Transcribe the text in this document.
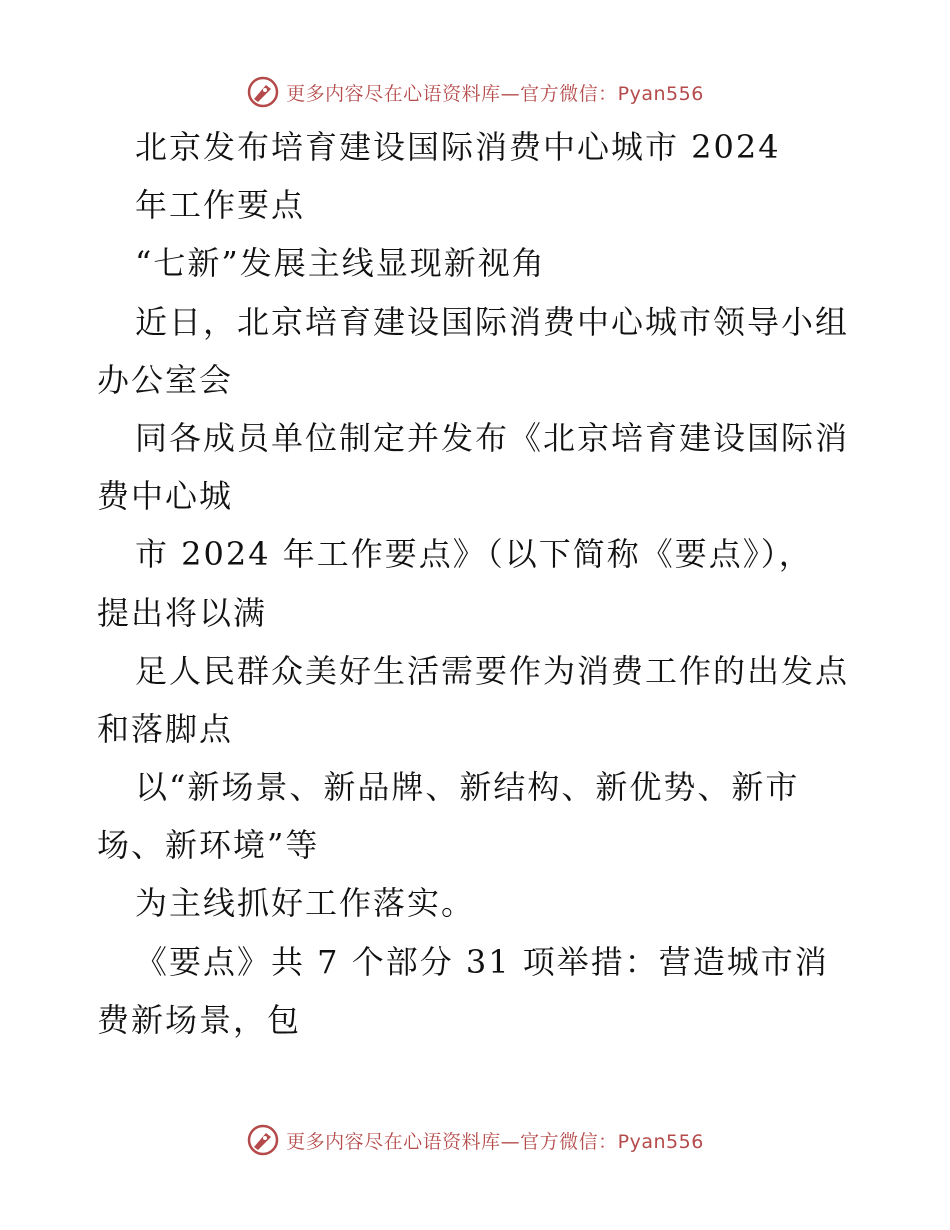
更多内容尽在心语资料库—官方微信：Pyan556
北京发布培育建设国际消费中心城市 2024
年工作要点
“七新”发展主线显现新视角
近日，北京培育建设国际消费中心城市领导小组
办公室会
同各成员单位制定并发布《北京培育建设国际消
费中心城
市 2024 年工作要点》（以下简称《要点》），
提出将以满
足人民群众美好生活需要作为消费工作的出发点
和落脚点
以“新场景、新品牌、新结构、新优势、新市
场、新环境”等
为主线抓好工作落实。
《要点》共 7 个部分 31 项举措：营造城市消
费新场景，包
更多内容尽在心语资料库—官方微信：Pyan556
